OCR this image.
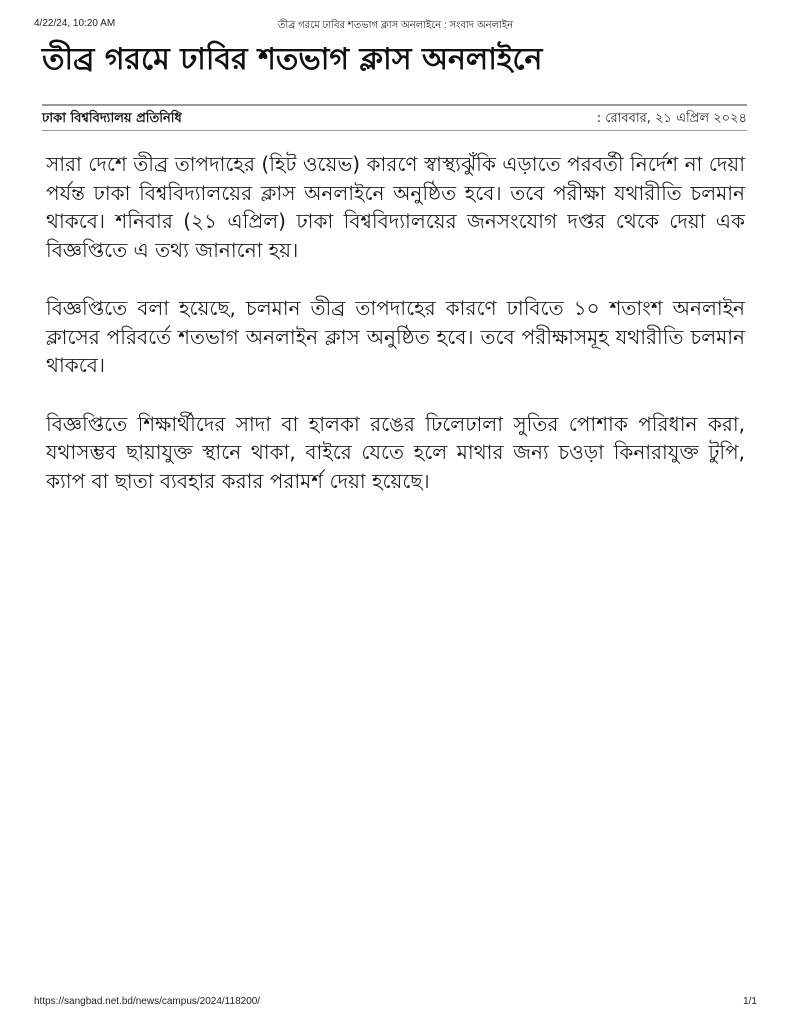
4/22/24, 10:20 AM	তীব্র গরমে ঢাবির শতভাগ ক্লাস অনলাইনে : সংবাদ অনলাইন
তীব্র গরমে ঢাবির শতভাগ ক্লাস অনলাইনে
ঢাকা বিশ্ববিদ্যালয় প্রতিনিধি	: রোববার, ২১ এপ্রিল ২০২৪

সারা দেশে তীব্র তাপদাহের (হিট ওয়েভ) কারণে স্বাস্থ্যঝুঁকি এড়াতে পরবর্তী নির্দেশ না দেয়া পর্যন্ত ঢাকা বিশ্ববিদ্যালয়ের ক্লাস অনলাইনে অনুষ্ঠিত হবে। তবে পরীক্ষা যথারীতি চলমান থাকবে। শনিবার (২১ এপ্রিল) ঢাকা বিশ্ববিদ্যালয়ের জনসংযোগ দপ্তর থেকে দেয়া এক বিজ্ঞপ্তিতে এ তথ্য জানানো হয়।

বিজ্ঞপ্তিতে বলা হয়েছে, চলমান তীব্র তাপদাহের কারণে ঢাবিতে ১০ শতাংশ অনলাইন ক্লাসের পরিবর্তে শতভাগ অনলাইন ক্লাস অনুষ্ঠিত হবে। তবে পরীক্ষাসমূহ যথারীতি চলমান থাকবে।

বিজ্ঞপ্তিতে শিক্ষার্থীদের সাদা বা হালকা রঙের ঢিলেঢালা সুতির পোশাক পরিধান করা, যথাসম্ভব ছায়াযুক্ত স্থানে থাকা, বাইরে যেতে হলে মাথার জন্য চওড়া কিনারাযুক্ত টুপি, ক্যাপ বা ছাতা ব্যবহার করার পরামর্শ দেয়া হয়েছে।

https://sangbad.net.bd/news/campus/2024/118200/	1/1
